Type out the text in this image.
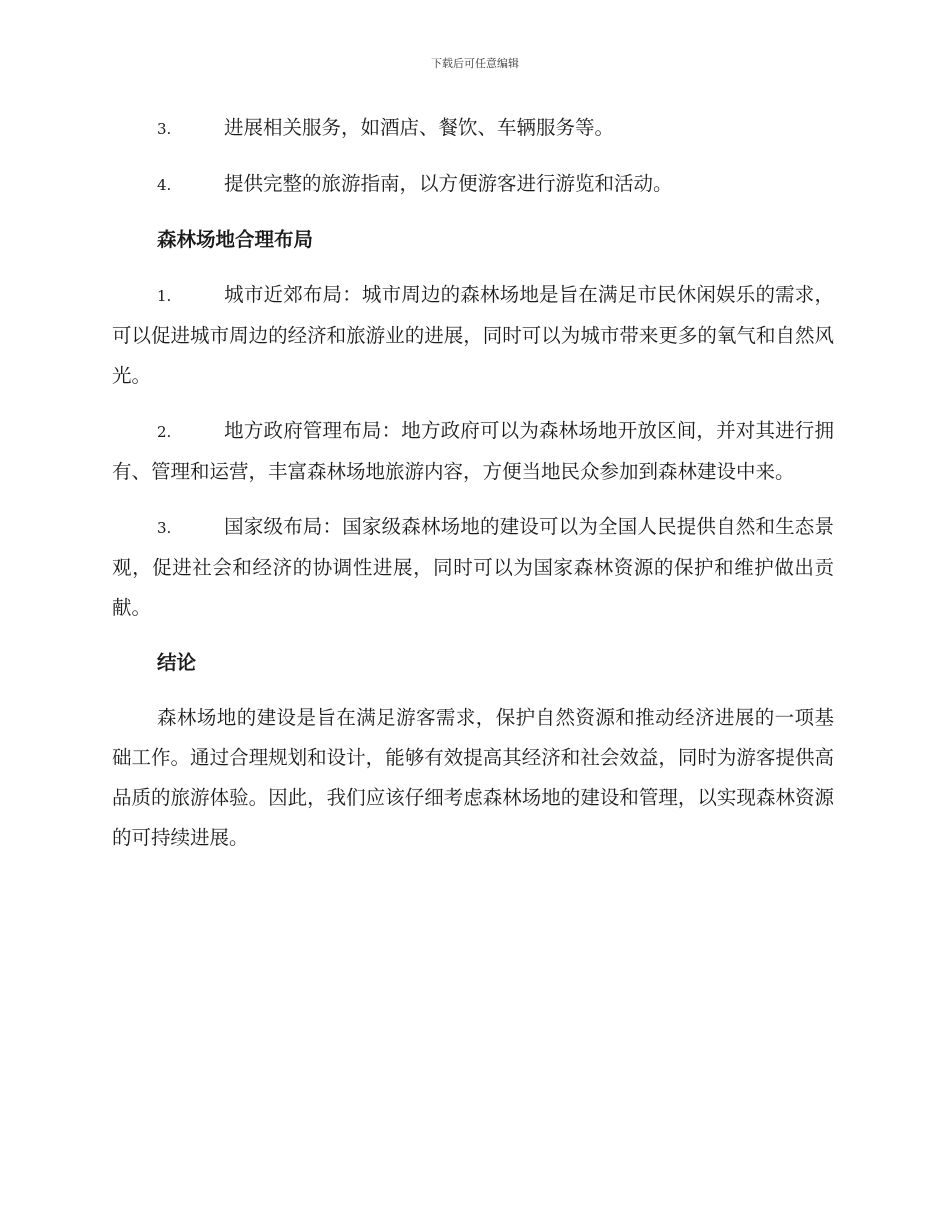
下载后可任意编辑
3.	进展相关服务，如酒店、餐饮、车辆服务等。
4.	提供完整的旅游指南，以方便游客进行游览和活动。
森林场地合理布局
1.	城市近郊布局：城市周边的森林场地是旨在满足市民休闲娱乐的需求，可以促进城市周边的经济和旅游业的进展，同时可以为城市带来更多的氧气和自然风光。
2.	地方政府管理布局：地方政府可以为森林场地开放区间，并对其进行拥有、管理和运营，丰富森林场地旅游内容，方便当地民众参加到森林建设中来。
3.	国家级布局：国家级森林场地的建设可以为全国人民提供自然和生态景观，促进社会和经济的协调性进展，同时可以为国家森林资源的保护和维护做出贡献。
结论
森林场地的建设是旨在满足游客需求，保护自然资源和推动经济进展的一项基础工作。通过合理规划和设计，能够有效提高其经济和社会效益，同时为游客提供高品质的旅游体验。因此，我们应该仔细考虑森林场地的建设和管理，以实现森林资源的可持续进展。
